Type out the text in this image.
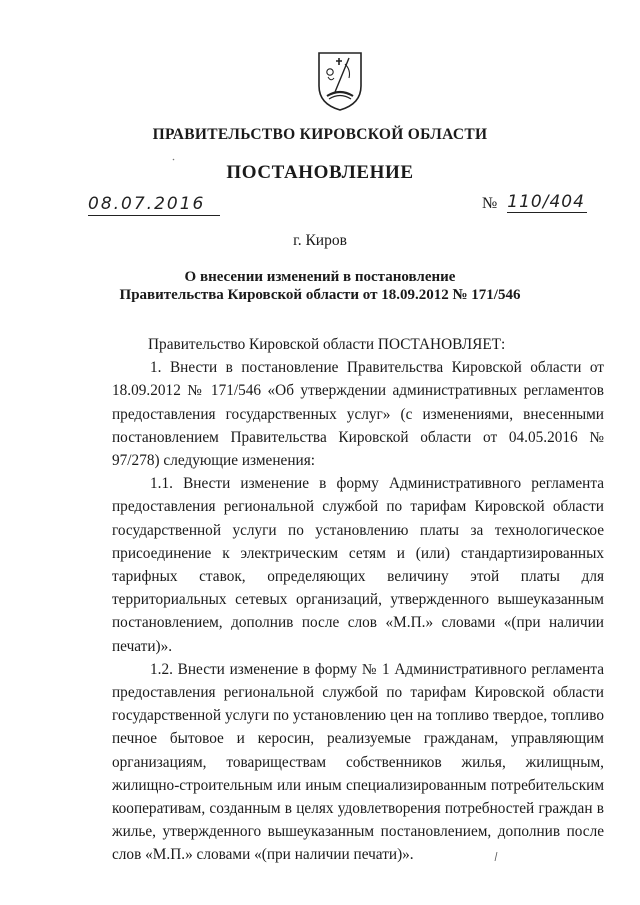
ПРАВИТЕЛЬСТВО КИРОВСКОЙ ОБЛАСТИ
ПОСТАНОВЛЕНИЕ
08.07.2016	№ 110/404
г. Киров
О внесении изменений в постановление
Правительства Кировской области от 18.09.2012 № 171/546

Правительство Кировской области ПОСТАНОВЛЯЕТ:

1. Внести в постановление Правительства Кировской области от 18.09.2012 № 171/546 «Об утверждении административных регламентов предоставления государственных услуг» (с изменениями, внесенными постановлением Правительства Кировской области от 04.05.2016 № 97/278) следующие изменения:

1.1. Внести изменение в форму Административного регламента предоставления региональной службой по тарифам Кировской области государственной услуги по установлению платы за технологическое присоединение к электрическим сетям и (или) стандартизированных тарифных ставок, определяющих величину этой платы для территориальных сетевых организаций, утвержденного вышеуказанным постановлением, дополнив после слов «М.П.» словами «(при наличии печати)».

1.2. Внести изменение в форму № 1 Административного регламента предоставления региональной службой по тарифам Кировской области государственной услуги по установлению цен на топливо твердое, топливо печное бытовое и керосин, реализуемые гражданам, управляющим организациям, товариществам собственников жилья, жилищным, жилищно-строительным или иным специализированным потребительским кооперативам, созданным в целях удовлетворения потребностей граждан в жилье, утвержденного вышеуказанным постановлением, дополнив после слов «М.П.» словами «(при наличии печати)».
